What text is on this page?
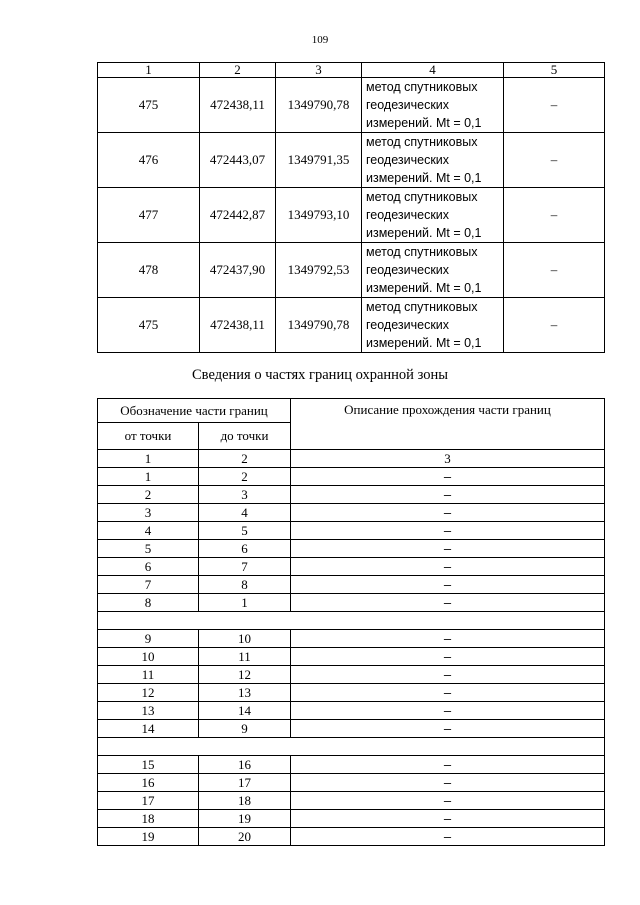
109
1	2	3	4	5
475	472438,11	1349790,78	метод спутниковых
геодезических
измерений. Mt = 0,1	–
476	472443,07	1349791,35	метод спутниковых
геодезических
измерений. Mt = 0,1	–
477	472442,87	1349793,10	метод спутниковых
геодезических
измерений. Mt = 0,1	–
478	472437,90	1349792,53	метод спутниковых
геодезических
измерений. Mt = 0,1	–
475	472438,11	1349790,78	метод спутниковых
геодезических
измерений. Mt = 0,1	–
Сведения о частях границ охранной зоны
Обозначение части границ		Описание прохождения части границ
от точки	до точки	
1	2	3
1	2	–
2	3	–
3	4	–
4	5	–
5	6	–
6	7	–
7	8	–
8	1	–

9	10	–
10	11	–
11	12	–
12	13	–
13	14	–
14	9	–

15	16	–
16	17	–
17	18	–
18	19	–
19	20	–
